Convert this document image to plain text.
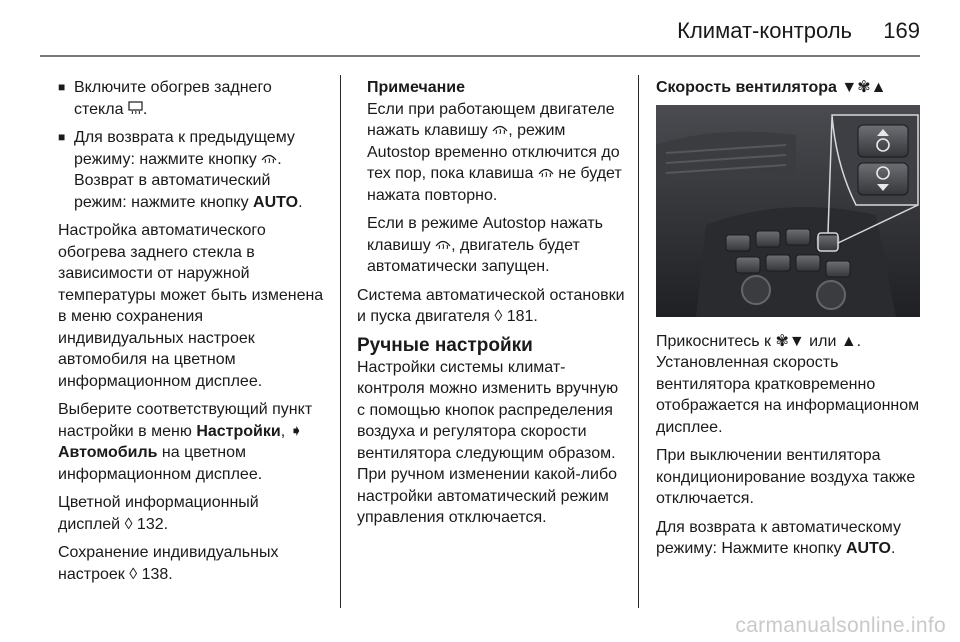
Климат-контроль 169
■ Включите обогрев заднего стекла .
■ Для возврата к предыдущему режиму: нажмите кнопку . Возврат в автоматический режим: нажмите кнопку AUTO.

Настройка автоматического обогрева заднего стекла в зависимости от наружной температуры может быть изменена в меню сохранения индивидуальных настроек автомобиля на цветном информационном дисплее.

Выберите соответствующий пункт настройки в меню Настройки, ➧
Автомобиль на цветном информационном дисплее.

Цветной информационный дисплей ◊ 132.

Сохранение индивидуальных настроек ◊ 138.

Примечание

Если при работающем двигателе нажать клавишу , режим Autostop временно отключится до тех пор, пока клавиша  не будет нажата повторно.

Если в режиме Autostop нажать клавишу , двигатель будет автоматически запущен.

Система автоматической остановки и пуска двигателя ◊ 181.

Ручные настройки

Настройки системы климат-контроля можно изменить вручную с помощью кнопок распределения воздуха и регулятора скорости вентилятора следующим образом. При ручном изменении какой-либо настройки автоматический режим управления отключается.

Скорость вентилятора ▼✾▲

Прикоснитесь к ✾▼ или ▲. Установленная скорость вентилятора кратковременно отображается на информационном дисплее.

При выключении вентилятора кондиционирование воздуха также отключается.

Для возврата к автоматическому режиму: Нажмите кнопку AUTO.

carmanualsonline.info
